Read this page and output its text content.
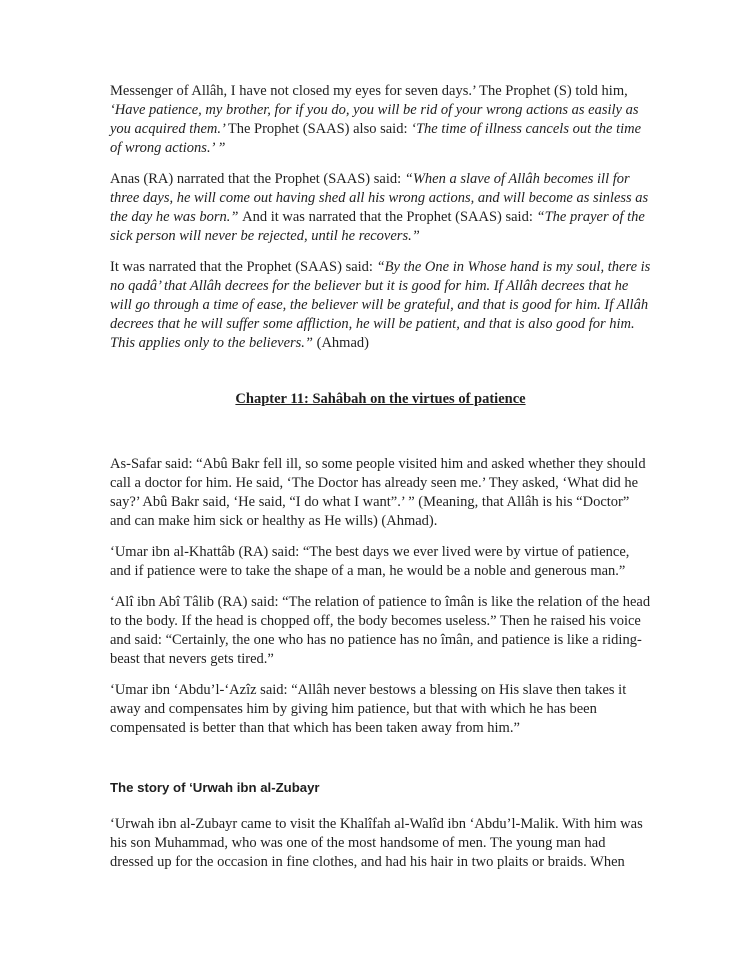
Messenger of Allâh, I have not closed my eyes for seven days.’ The Prophet (S) told him, ‘Have patience, my brother, for if you do, you will be rid of your wrong actions as easily as you acquired them.’ The Prophet (SAAS) also said: ‘The time of illness cancels out the time of wrong actions.’ ”

Anas (RA) narrated that the Prophet (SAAS) said: “When a slave of Allâh becomes ill for three days, he will come out having shed all his wrong actions, and will become as sinless as the day he was born.” And it was narrated that the Prophet (SAAS) said: “The prayer of the sick person will never be rejected, until he recovers.”

It was narrated that the Prophet (SAAS) said: “By the One in Whose hand is my soul, there is no qadâ’ that Allâh decrees for the believer but it is good for him. If Allâh decrees that he will go through a time of ease, the believer will be grateful, and that is good for him. If Allâh decrees that he will suffer some affliction, he will be patient, and that is also good for him. This applies only to the believers.” (Ahmad)

Chapter 11: Sahâbah on the virtues of patience

As-Safar said: “Abû Bakr fell ill, so some people visited him and asked whether they should call a doctor for him. He said, ‘The Doctor has already seen me.’ They asked, ‘What did he say?’ Abû Bakr said, ‘He said, “I do what I want”.’ ” (Meaning, that Allâh is his “Doctor” and can make him sick or healthy as He wills) (Ahmad).

‘Umar ibn al-Khattâb (RA) said: “The best days we ever lived were by virtue of patience, and if patience were to take the shape of a man, he would be a noble and generous man.”

‘Alî ibn Abî Tâlib (RA) said: “The relation of patience to îmân is like the relation of the head to the body. If the head is chopped off, the body becomes useless.” Then he raised his voice and said: “Certainly, the one who has no patience has no îmân, and patience is like a riding-beast that nevers gets tired.”

‘Umar ibn ‘Abdu’l-‘Azîz said: “Allâh never bestows a blessing on His slave then takes it away and compensates him by giving him patience, but that with which he has been compensated is better than that which has been taken away from him.”

The story of ‘Urwah ibn al-Zubayr

‘Urwah ibn al-Zubayr came to visit the Khalîfah al-Walîd ibn ‘Abdu’l-Malik. With him was his son Muhammad, who was one of the most handsome of men. The young man had dressed up for the occasion in fine clothes, and had his hair in two plaits or braids. When
